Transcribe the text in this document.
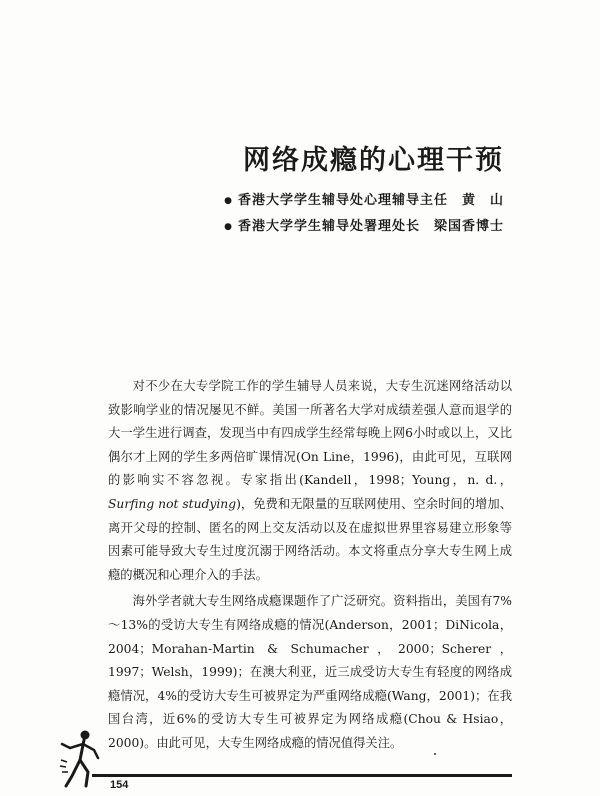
网络成瘾的心理干预
● 香港大学学生辅导处心理辅导主任 黄　山
● 香港大学学生辅导处署理处长 梁国香博士

对不少在大专学院工作的学生辅导人员来说，大专生沉迷网络活动以致影响学业的情况屡见不鲜。美国一所著名大学对成绩差强人意而退学的大一学生进行调查，发现当中有四成学生经常每晚上网6小时或以上，又比偶尔才上网的学生多两倍旷课情况(On Line，1996)，由此可见，互联网的影响实不容忽视。专家指出(Kandell，1998；Young，n. d.，Surfing not studying)，免费和无限量的互联网使用、空余时间的增加、离开父母的控制、匿名的网上交友活动以及在虚拟世界里容易建立形象等因素可能导致大专生过度沉溺于网络活动。本文将重点分享大专生网上成瘾的概况和心理介入的手法。

海外学者就大专生网络成瘾课题作了广泛研究。资料指出，美国有7%～13%的受访大专生有网络成瘾的情况(Anderson，2001；DiNicola，2004；Morahan-Martin & Schumacher，2000；Scherer，1997；Welsh，1999)；在澳大利亚，近三成受访大专生有轻度的网络成瘾情况，4%的受访大专生可被界定为严重网络成瘾(Wang，2001)；在我国台湾，近6%的受访大专生可被界定为网络成瘾(Chou & Hsiao，2000)。由此可见，大专生网络成瘾的情况值得关注。

154
